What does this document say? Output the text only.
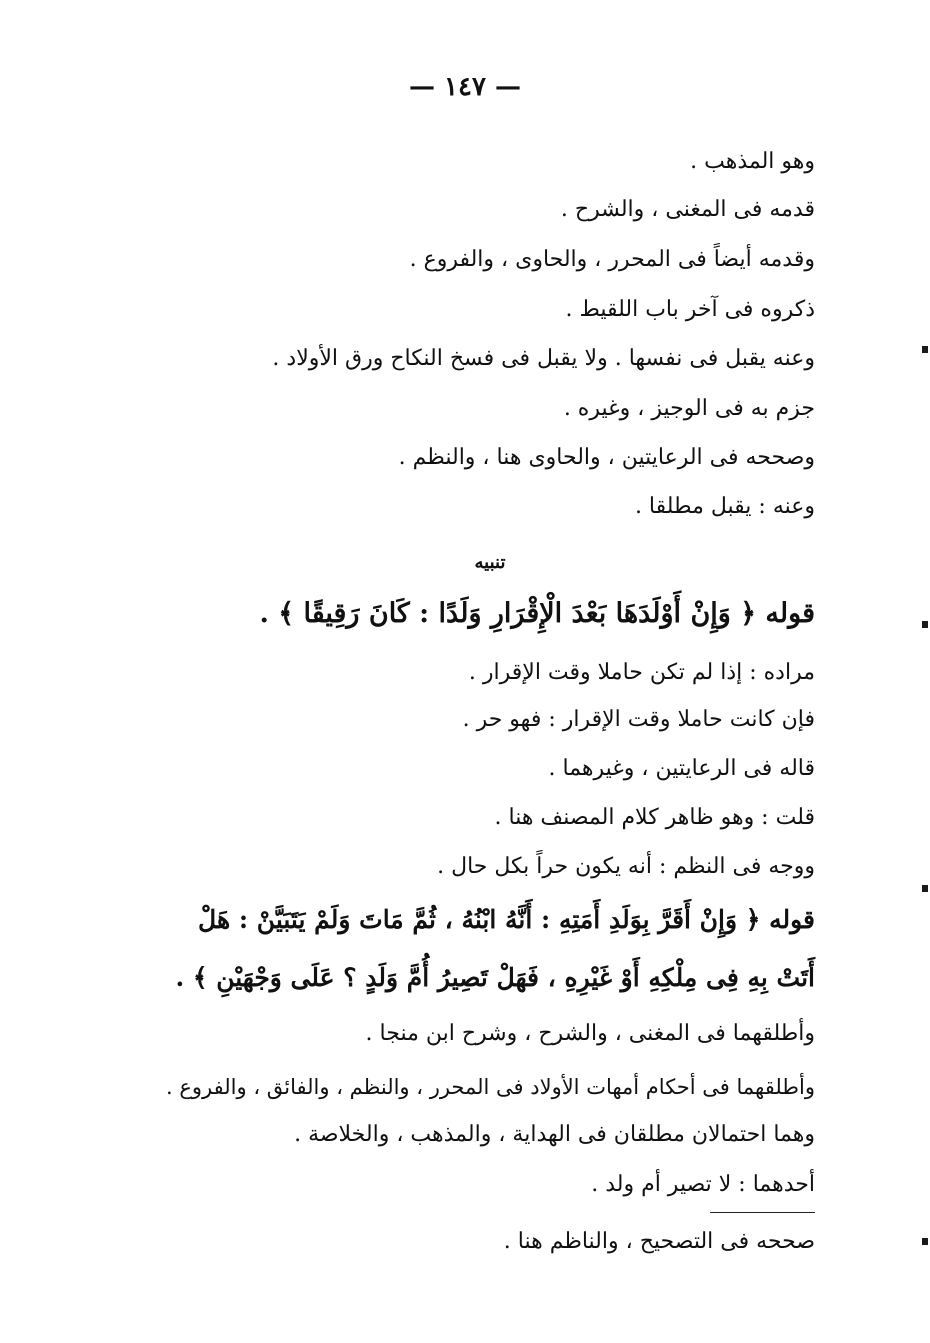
— ١٤٧ —
وهو المذهب .
قدمه فى المغنى ، والشرح .
وقدمه أيضاً فى المحرر ، والحاوى ، والفروع .
ذكروه فى آخر باب اللقيط .
وعنه يقبل فى نفسها . ولا يقبل فى فسخ النكاح ورق الأولاد .
جزم به فى الوجيز ، وغيره .
وصححه فى الرعايتين ، والحاوى هنا ، والنظم .
وعنه : يقبل مطلقا .
تنبيه
قوله ﴿ وَإِنْ أَوْلَدَهَا بَعْدَ الْإِقْرَارِ وَلَدًا : كَانَ رَقِيقًا ﴾ .
مراده : إذا لم تكن حاملا وقت الإقرار .
فإن كانت حاملا وقت الإقرار : فهو حر .
قاله فى الرعايتين ، وغيرهما .
قلت : وهو ظاهر كلام المصنف هنا .
ووجه فى النظم : أنه يكون حراً بكل حال .
قوله ﴿ وَإِنْ أَقَرَّ بِوَلَدِ أَمَتِهِ : أَنَّهُ ابْنُهُ ، ثُمَّ مَاتَ وَلَمْ يَتَبَيَّنْ : هَلْ
أَتَتْ بِهِ فِى مِلْكِهِ أَوْ غَيْرِهِ ، فَهَلْ تَصِيرُ أُمَّ وَلَدٍ ؟ عَلَى وَجْهَيْنِ ﴾ .
وأطلقهما فى المغنى ، والشرح ، وشرح ابن منجا .
وأطلقهما فى أحكام أمهات الأولاد فى المحرر ، والنظم ، والفائق ، والفروع .
وهما احتمالان مطلقان فى الهداية ، والمذهب ، والخلاصة .
أحدهما : لا تصير أم ولد .
صححه فى التصحيح ، والناظم هنا .
